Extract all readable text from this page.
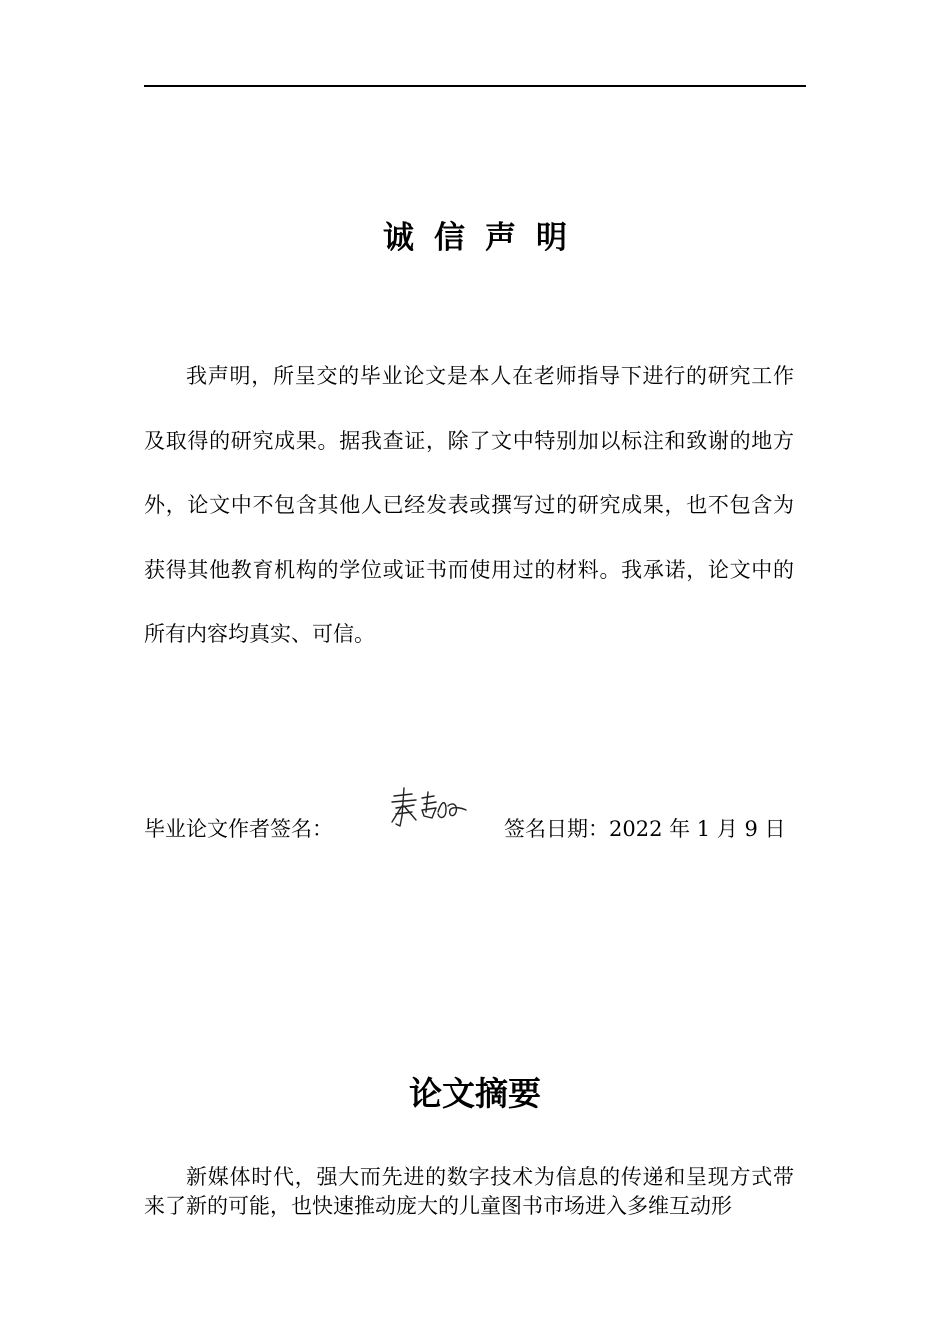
诚信声明

我声明，所呈交的毕业论文是本人在老师指导下进行的研究工作及取得的研究成果。据我查证，除了文中特别加以标注和致谢的地方外，论文中不包含其他人已经发表或撰写过的研究成果，也不包含为获得其他教育机构的学位或证书而使用过的材料。我承诺，论文中的所有内容均真实、可信。

毕业论文作者签名：	签名日期：2022 年 1 月 9 日
论文摘要

新媒体时代，强大而先进的数字技术为信息的传递和呈现方式带来了新的可能，也快速推动庞大的儿童图书市场进入多维互动形
